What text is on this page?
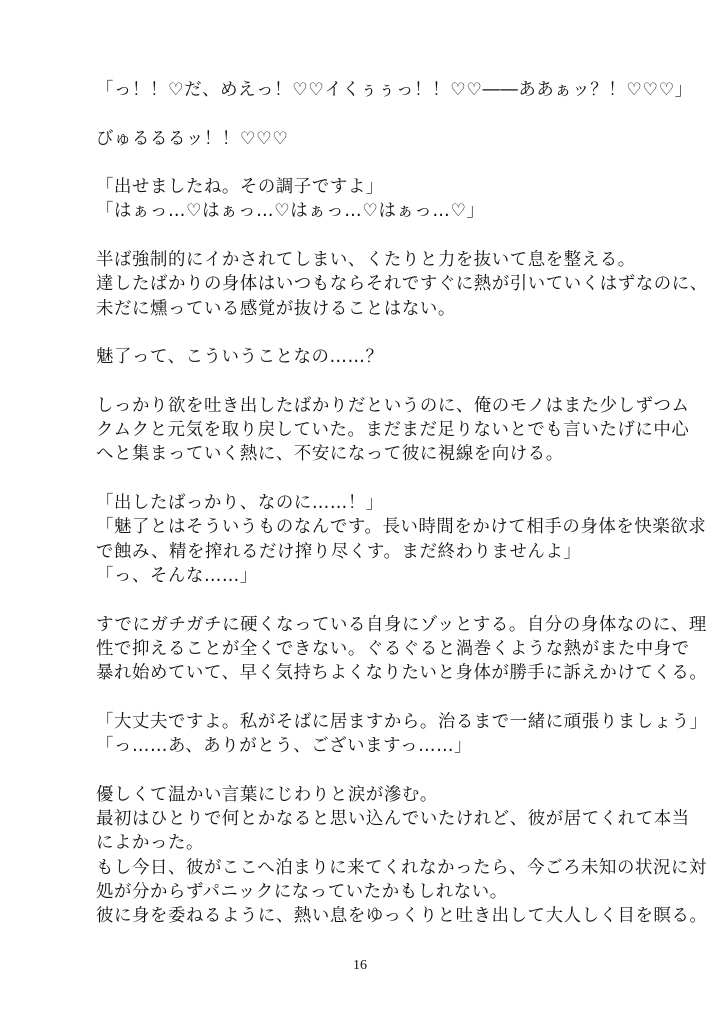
「っ！！♡だ、めえっ！♡♡イくぅぅっ！！♡♡――ああぁッ？！♡♡♡」
びゅるるるッ！！♡♡♡
「出せましたね。その調子ですよ」
「はぁっ…♡はぁっ…♡はぁっ…♡はぁっ…♡」
半ば強制的にイかされてしまい、くたりと力を抜いて息を整える。
達したばかりの身体はいつもならそれですぐに熱が引いていくはずなのに、
未だに燻っている感覚が抜けることはない。
魅了って、こういうことなの……？
しっかり欲を吐き出したばかりだというのに、俺のモノはまた少しずつム
クムクと元気を取り戻していた。まだまだ足りないとでも言いたげに中心
へと集まっていく熱に、不安になって彼に視線を向ける。
「出したばっかり、なのに……！」
「魅了とはそういうものなんです。長い時間をかけて相手の身体を快楽欲求
で蝕み、精を搾れるだけ搾り尽くす。まだ終わりませんよ」
「っ、そんな……」
すでにガチガチに硬くなっている自身にゾッとする。自分の身体なのに、理
性で抑えることが全くできない。ぐるぐると渦巻くような熱がまた中身で
暴れ始めていて、早く気持ちよくなりたいと身体が勝手に訴えかけてくる。
「大丈夫ですよ。私がそばに居ますから。治るまで一緒に頑張りましょう」
「っ……あ、ありがとう、ございますっ……」
優しくて温かい言葉にじわりと涙が滲む。
最初はひとりで何とかなると思い込んでいたけれど、彼が居てくれて本当
によかった。
もし今日、彼がここへ泊まりに来てくれなかったら、今ごろ未知の状況に対
処が分からずパニックになっていたかもしれない。
彼に身を委ねるように、熱い息をゆっくりと吐き出して大人しく目を瞑る。
16
